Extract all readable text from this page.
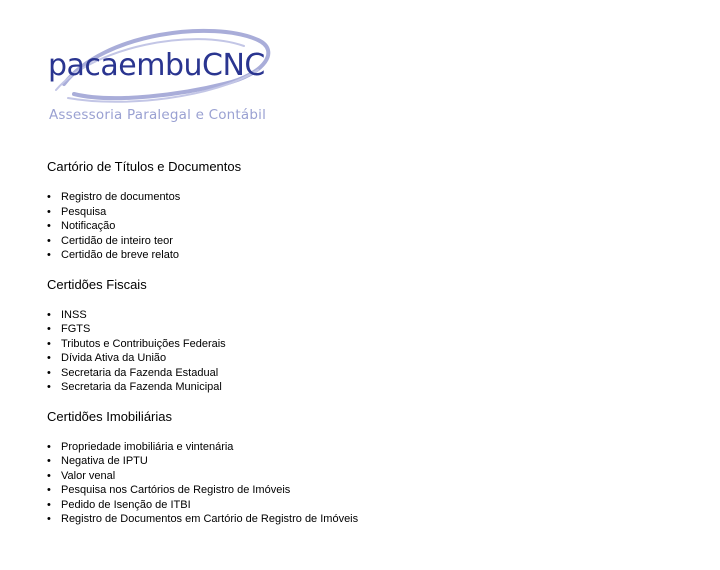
pacaembuCNC
Assessoria Paralegal e Contábil
Cartório de Títulos e Documentos
• Registro de documentos
• Pesquisa
• Notificação
• Certidão de inteiro teor
• Certidão de breve relato
Certidões Fiscais
• INSS
• FGTS
• Tributos e Contribuições Federais
• Dívida Ativa da União
• Secretaria da Fazenda Estadual
• Secretaria da Fazenda Municipal
Certidões Imobiliárias
• Propriedade imobiliária e vintenária
• Negativa de IPTU
• Valor venal
• Pesquisa nos Cartórios de Registro de Imóveis
• Pedido de Isenção de ITBI
• Registro de Documentos em Cartório de Registro de Imóveis
